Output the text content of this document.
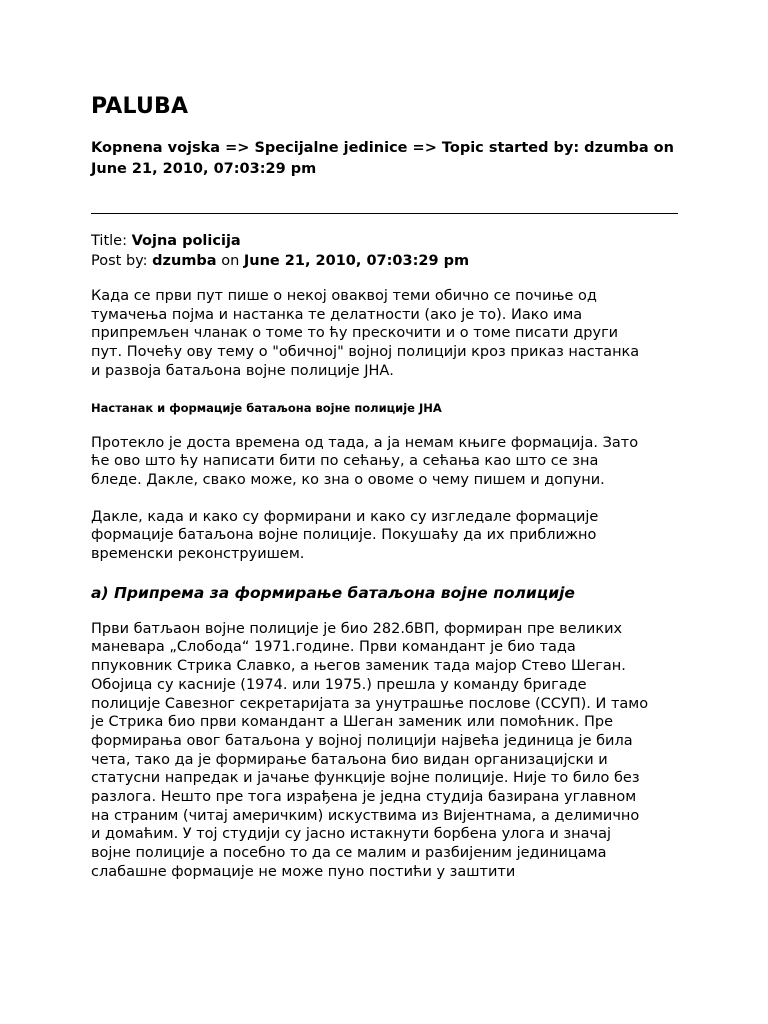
PALUBA

Kopnena vojska => Specijalne jedinice => Topic started by: dzumba on June 21, 2010, 07:03:29 pm

Title: Vojna policija
Post by: dzumba on June 21, 2010, 07:03:29 pm

Када се први пут пише о некој оваквој теми обично се почиње од тумачења појма и настанка те делатности (ако је то). Иако има припремљен чланак о томе то ћу прескочити и о томе писати други пут. Почећу ову тему о "обичној" војној полицији кроз приказ настанка и развоја батаљона војне полиције ЈНА.

Настанак и формације батаљона војне полиције ЈНА

Протекло је доста времена од тада, а ја немам књиге формација. Зато ће ово што ћу написати бити по сећању, а сећања као што се зна бледе. Дакле, свако може, ко зна о овоме о чему пишем и допуни.

Дакле, када и како су формирани и како су изгледале формације формације батаљона војне полиције. Покушаћу да их приближно временски реконструишем.

а) Припрема за формирање батаљона војне полиције

Први батљаон војне полиције је био 282.бВП, формиран пре великих маневара „Слобода“ 1971.године. Први командант је био тада ппуковник Стрика Славко, а његов заменик тада мајор Стево Шеган. Обојица су касније (1974. или 1975.) прешла у команду бригаде полиције Савезног секретаријата за унутрашње послове (ССУП). И тамо је Стрика био први командант а Шеган заменик или помоћник. Пре формирања овог батаљона у војној полицији највећа јединица је била чета, тако да је формирање батаљона био видан организацијски и статусни напредак и јачање функције војне полиције. Није то било без разлога. Нешто пре тога израђена је једна студија базирана углавном на страним (читај америчким) искуствима из Вијентнама, а делимично и домаћим. У тој студији су јасно истакнути борбена улога и значај војне полиције а посебно то да се малим и разбијеним јединицама слабашне формације не може пуно постићи у заштити
